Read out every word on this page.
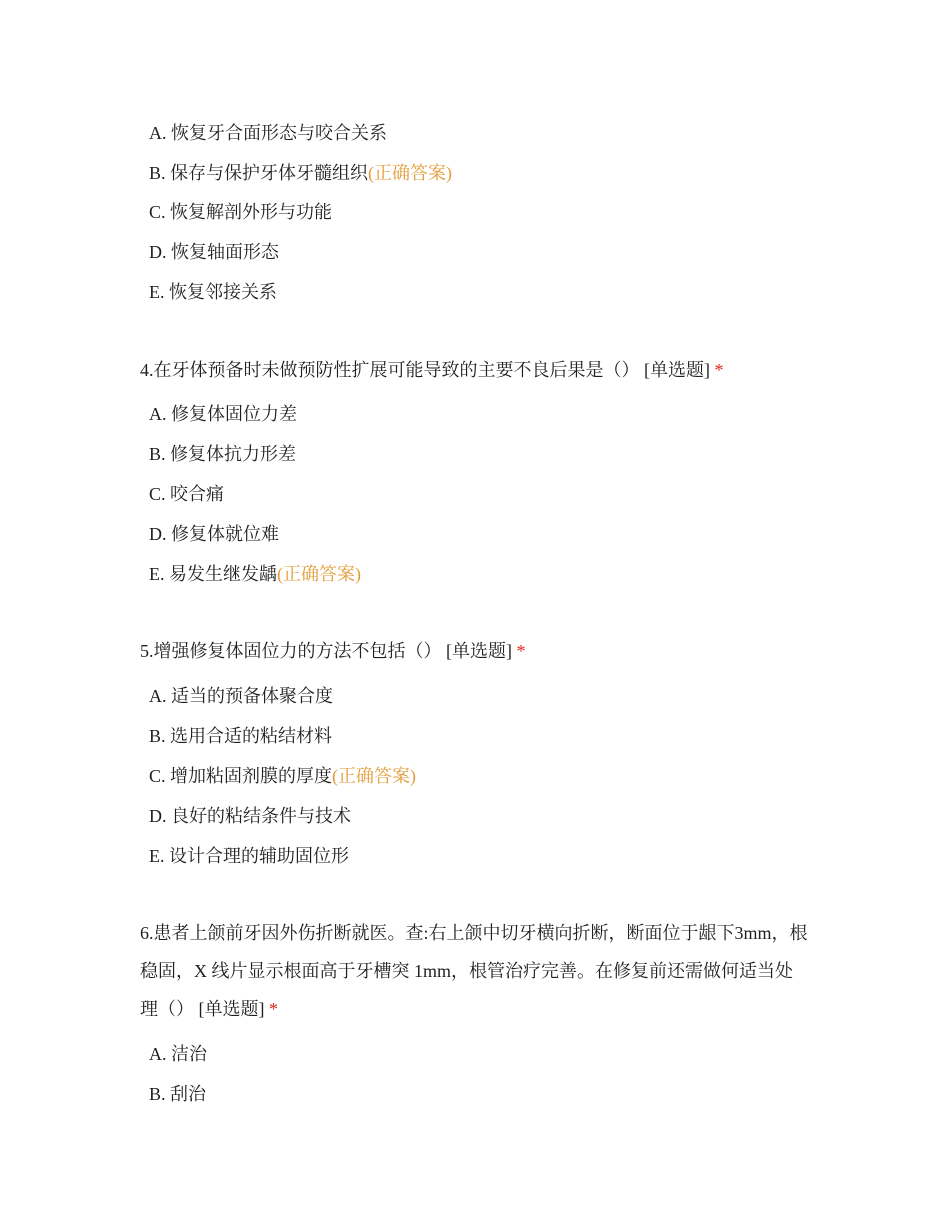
A. 恢复牙合面形态与咬合关系
B. 保存与保护牙体牙髓组织(正确答案)
C. 恢复解剖外形与功能
D. 恢复轴面形态
E. 恢复邻接关系
4.在牙体预备时未做预防性扩展可能导致的主要不良后果是（） [单选题] *
A. 修复体固位力差
B. 修复体抗力形差
C. 咬合痛
D. 修复体就位难
E. 易发生继发龋(正确答案)
5.增强修复体固位力的方法不包括（） [单选题] *
A. 适当的预备体聚合度
B. 选用合适的粘结材料
C. 增加粘固剂膜的厚度(正确答案)
D. 良好的粘结条件与技术
E. 设计合理的辅助固位形
6.患者上颌前牙因外伤折断就医。查:右上颌中切牙横向折断，断面位于龈下3mm，根稳固，X 线片显示根面高于牙槽突 1mm，根管治疗完善。在修复前还需做何适当处理（） [单选题] *
A. 洁治
B. 刮治
